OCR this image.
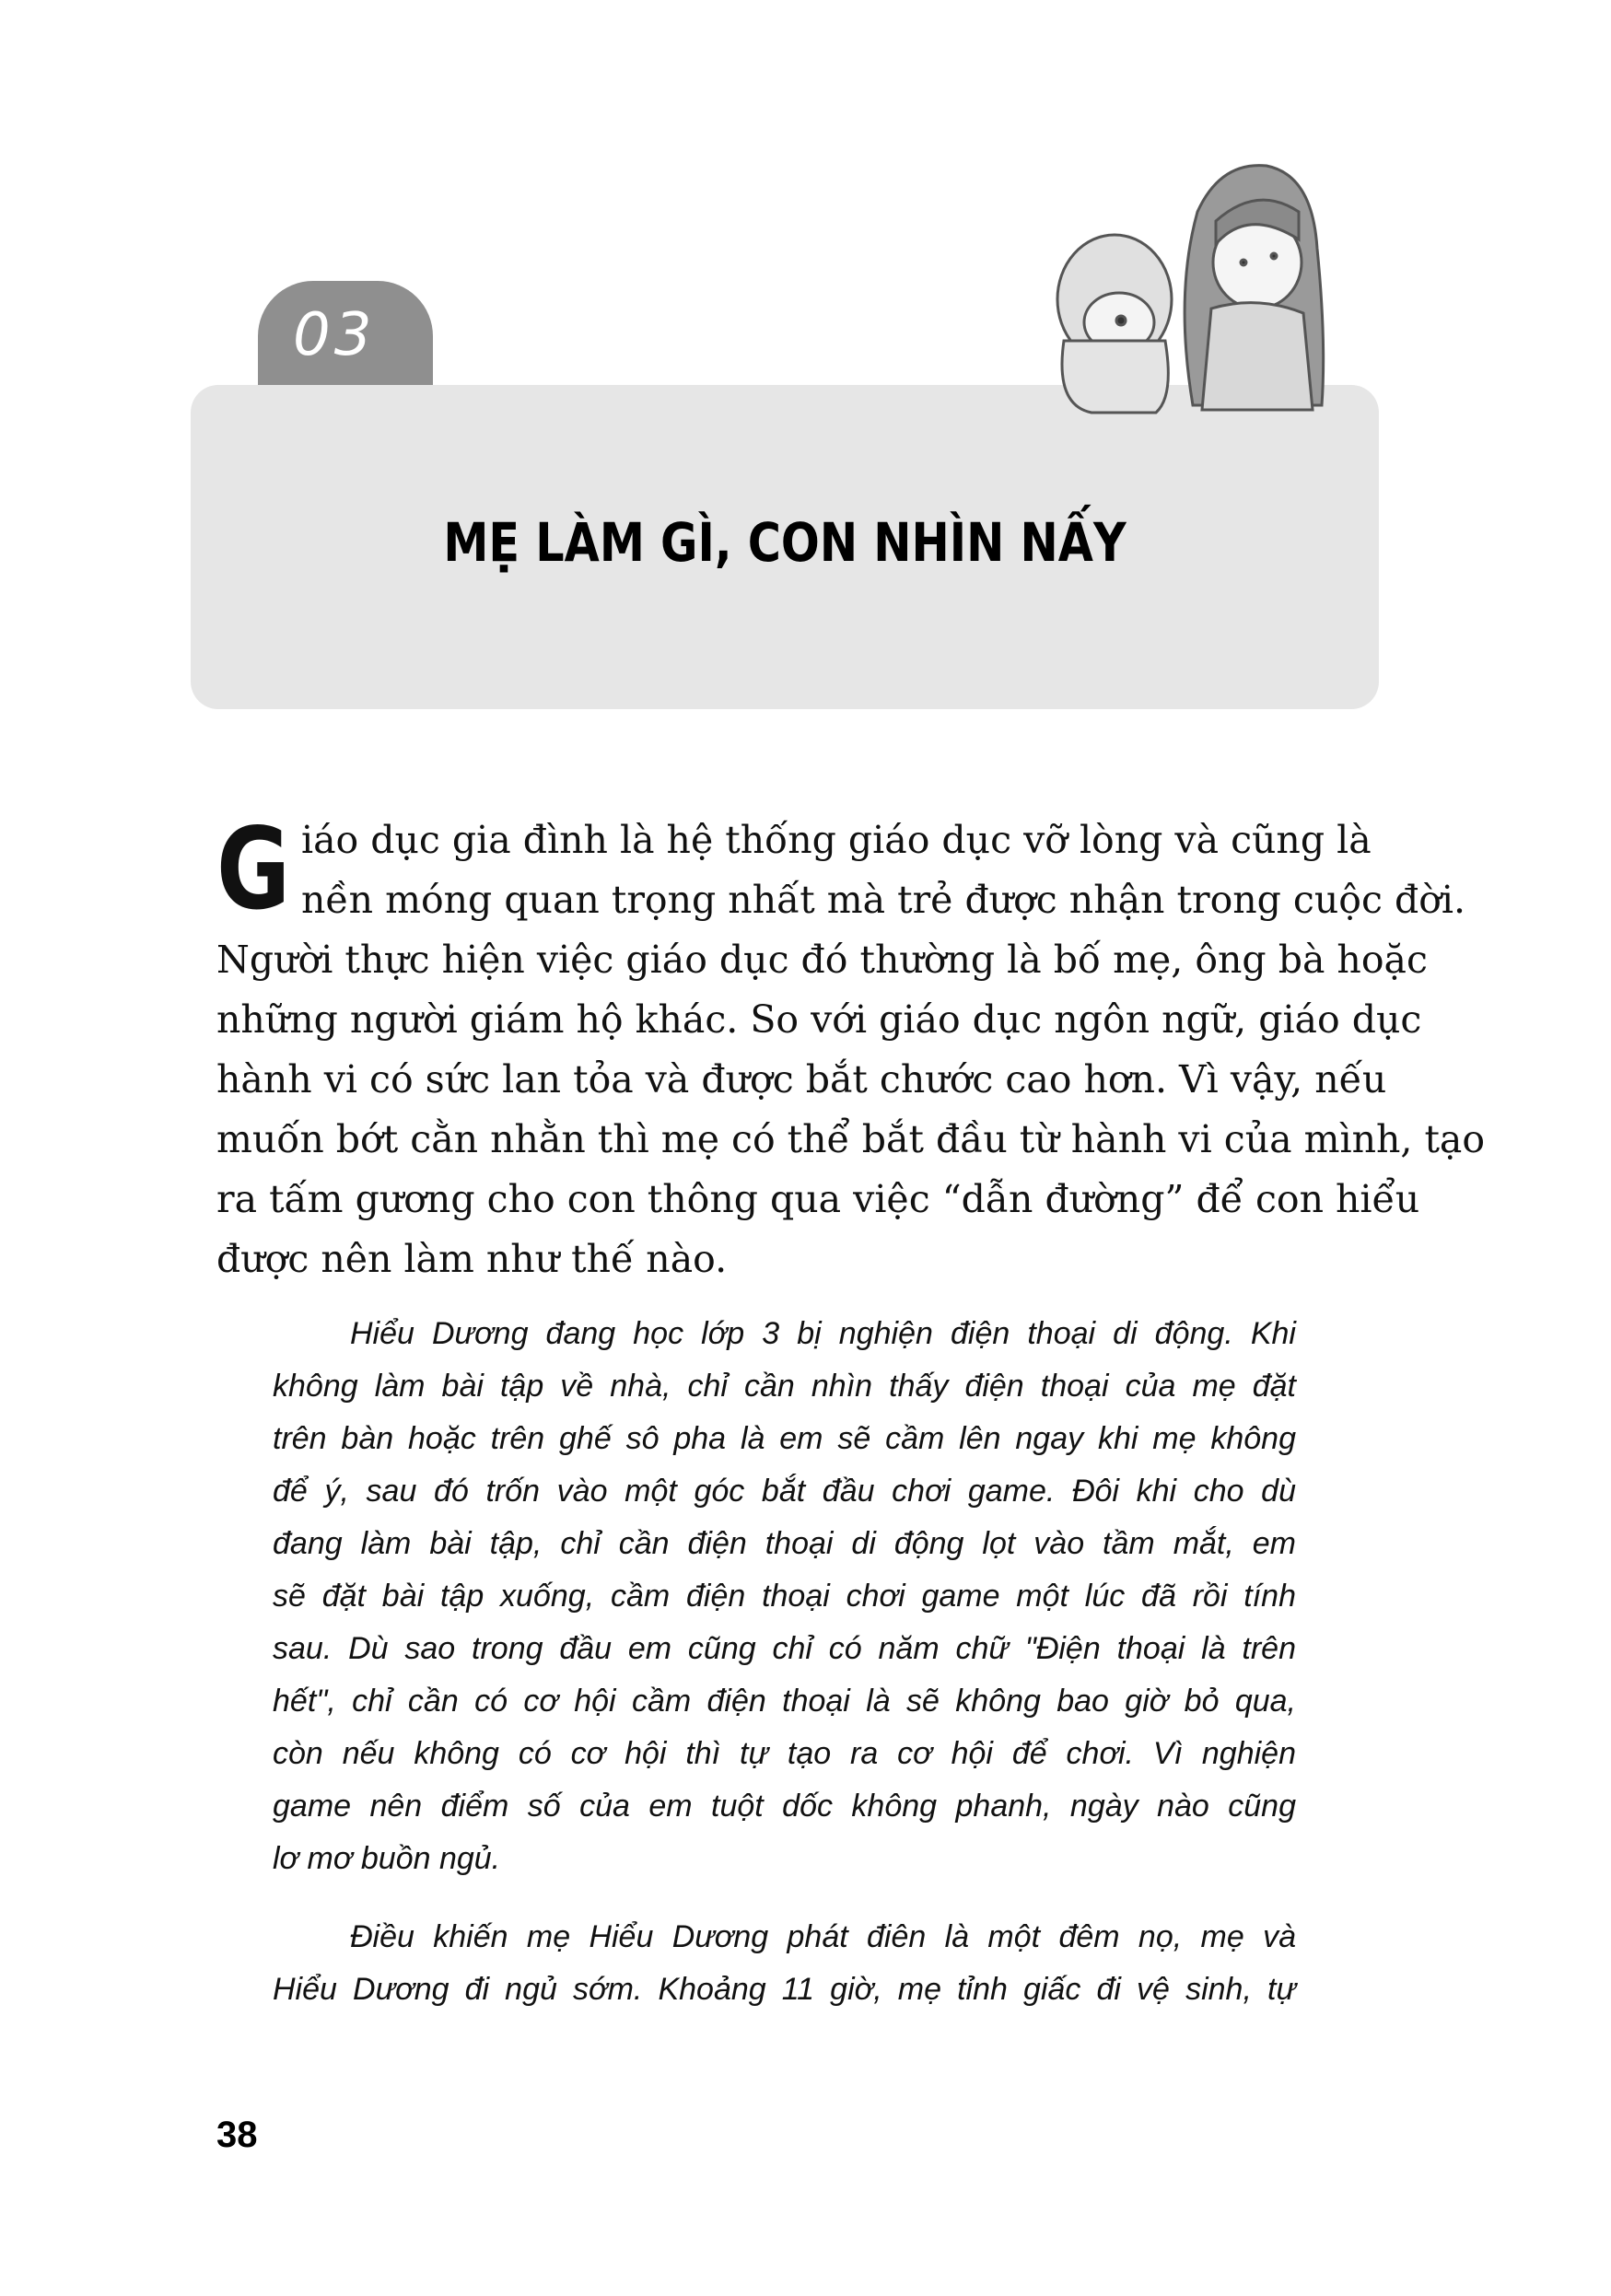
03
MẸ LÀM GÌ, CON NHÌN NẤY
G iáo dục gia đình là hệ thống giáo dục vỡ lòng và cũng là
nền móng quan trọng nhất mà trẻ được nhận trong cuộc đời.
Người thực hiện việc giáo dục đó thường là bố mẹ, ông bà hoặc
những người giám hộ khác. So với giáo dục ngôn ngữ, giáo dục
hành vi có sức lan tỏa và được bắt chước cao hơn. Vì vậy, nếu
muốn bớt cằn nhằn thì mẹ có thể bắt đầu từ hành vi của mình, tạo
ra tấm gương cho con thông qua việc “dẫn đường” để con hiểu
được nên làm như thế nào.
Hiểu Dương đang học lớp 3 bị nghiện điện thoại di động. Khi
không làm bài tập về nhà, chỉ cần nhìn thấy điện thoại của mẹ đặt
trên bàn hoặc trên ghế sô pha là em sẽ cầm lên ngay khi mẹ không
để ý, sau đó trốn vào một góc bắt đầu chơi game. Đôi khi cho dù
đang làm bài tập, chỉ cần điện thoại di động lọt vào tầm mắt, em
sẽ đặt bài tập xuống, cầm điện thoại chơi game một lúc đã rồi tính
sau. Dù sao trong đầu em cũng chỉ có năm chữ "Điện thoại là trên
hết", chỉ cần có cơ hội cầm điện thoại là sẽ không bao giờ bỏ qua,
còn nếu không có cơ hội thì tự tạo ra cơ hội để chơi. Vì nghiện
game nên điểm số của em tuột dốc không phanh, ngày nào cũng
lơ mơ buồn ngủ.
Điều khiến mẹ Hiểu Dương phát điên là một đêm nọ, mẹ và
Hiểu Dương đi ngủ sớm. Khoảng 11 giờ, mẹ tỉnh giấc đi vệ sinh, tự
38
